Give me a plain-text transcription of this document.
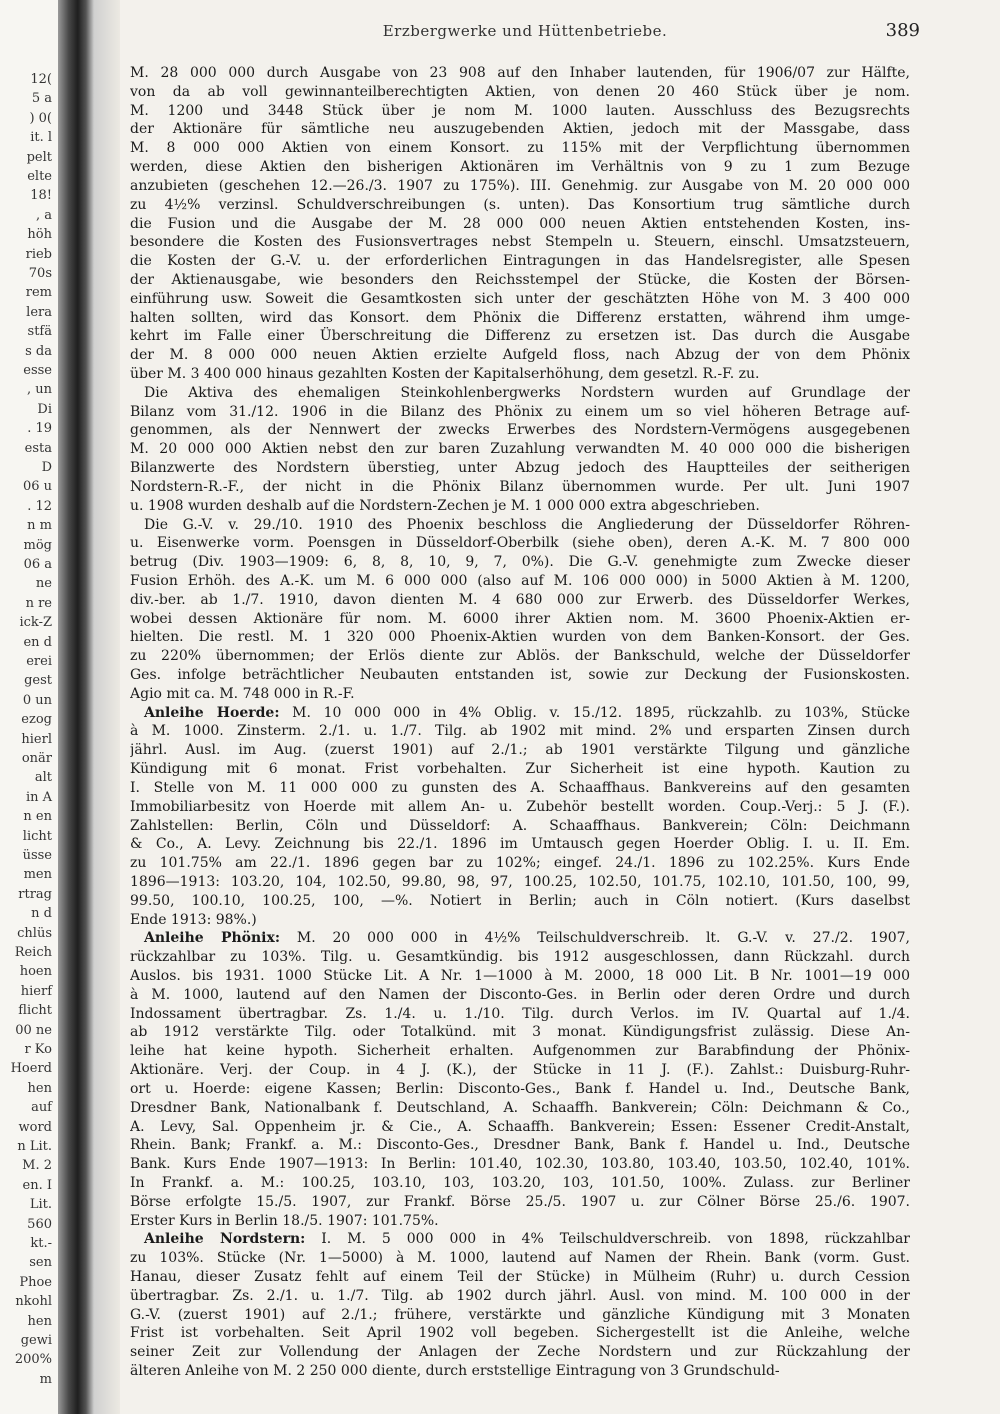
12(
5 a
) 0(
it. l
pelt
elte
18!
, a
höh
rieb
70s
rem
lera
stfä
s da
esse
, un
Di
. 19
esta
D
06 u
. 12
n m
mög
06 a
ne
n re
ick-Z
en d
erei
gest
0 un
ezog
hierl
onär
alt
in A
n en
licht
üsse
men
rtrag
n d
chlüs
Reich
hoen
hierf
flicht
00 ne
r Ko
Hoerd
hen
auf
word
n Lit.
M. 2
en. I
Lit.
560
kt.-
sen
Phoe
nkohl
hen
gewi
200%
m
Erzbergwerke und Hüttenbetriebe.	389
M. 28 000 000 durch Ausgabe von 23 908 auf den Inhaber lautenden, für 1906/07 zur Hälfte,
von da ab voll gewinnanteilberechtigten Aktien, von denen 20 460 Stück über je nom.
M. 1200 und 3448 Stück über je nom M. 1000 lauten. Ausschluss des Bezugsrechts
der Aktionäre für sämtliche neu auszugebenden Aktien, jedoch mit der Massgabe, dass
M. 8 000 000 Aktien von einem Konsort. zu 115% mit der Verpflichtung übernommen
werden, diese Aktien den bisherigen Aktionären im Verhältnis von 9 zu 1 zum Bezuge
anzubieten (geschehen 12.—26./3. 1907 zu 175%). III. Genehmig. zur Ausgabe von M. 20 000 000
zu 4½% verzinsl. Schuldverschreibungen (s. unten). Das Konsortium trug sämtliche durch
die Fusion und die Ausgabe der M. 28 000 000 neuen Aktien entstehenden Kosten, ins-
besondere die Kosten des Fusionsvertrages nebst Stempeln u. Steuern, einschl. Umsatzsteuern,
die Kosten der G.-V. u. der erforderlichen Eintragungen in das Handelsregister, alle Spesen
der Aktienausgabe, wie besonders den Reichsstempel der Stücke, die Kosten der Börsen-
einführung usw. Soweit die Gesamtkosten sich unter der geschätzten Höhe von M. 3 400 000
halten sollten, wird das Konsort. dem Phönix die Differenz erstatten, während ihm umge-
kehrt im Falle einer Überschreitung die Differenz zu ersetzen ist. Das durch die Ausgabe
der M. 8 000 000 neuen Aktien erzielte Aufgeld floss, nach Abzug der von dem Phönix
über M. 3 400 000 hinaus gezahlten Kosten der Kapitalserhöhung, dem gesetzl. R.-F. zu.
Die Aktiva des ehemaligen Steinkohlenbergwerks Nordstern wurden auf Grundlage der
Bilanz vom 31./12. 1906 in die Bilanz des Phönix zu einem um so viel höheren Betrage auf-
genommen, als der Nennwert der zwecks Erwerbes des Nordstern-Vermögens ausgegebenen
M. 20 000 000 Aktien nebst den zur baren Zuzahlung verwandten M. 40 000 000 die bisherigen
Bilanzwerte des Nordstern überstieg, unter Abzug jedoch des Hauptteiles der seitherigen
Nordstern-R.-F., der nicht in die Phönix Bilanz übernommen wurde. Per ult. Juni 1907
u. 1908 wurden deshalb auf die Nordstern-Zechen je M. 1 000 000 extra abgeschrieben.
Die G.-V. v. 29./10. 1910 des Phoenix beschloss die Angliederung der Düsseldorfer Röhren-
u. Eisenwerke vorm. Poensgen in Düsseldorf-Oberbilk (siehe oben), deren A.-K. M. 7 800 000
betrug (Div. 1903—1909: 6, 8, 8, 10, 9, 7, 0%). Die G.-V. genehmigte zum Zwecke dieser
Fusion Erhöh. des A.-K. um M. 6 000 000 (also auf M. 106 000 000) in 5000 Aktien à M. 1200,
div.-ber. ab 1./7. 1910, davon dienten M. 4 680 000 zur Erwerb. des Düsseldorfer Werkes,
wobei dessen Aktionäre für nom. M. 6000 ihrer Aktien nom. M. 3600 Phoenix-Aktien er-
hielten. Die restl. M. 1 320 000 Phoenix-Aktien wurden von dem Banken-Konsort. der Ges.
zu 220% übernommen; der Erlös diente zur Ablös. der Bankschuld, welche der Düsseldorfer
Ges. infolge beträchtlicher Neubauten entstanden ist, sowie zur Deckung der Fusionskosten.
Agio mit ca. M. 748 000 in R.-F.
Anleihe Hoerde: M. 10 000 000 in 4% Oblig. v. 15./12. 1895, rückzahlb. zu 103%, Stücke
à M. 1000. Zinsterm. 2./1. u. 1./7. Tilg. ab 1902 mit mind. 2% und ersparten Zinsen durch
jährl. Ausl. im Aug. (zuerst 1901) auf 2./1.; ab 1901 verstärkte Tilgung und gänzliche
Kündigung mit 6 monat. Frist vorbehalten. Zur Sicherheit ist eine hypoth. Kaution zu
I. Stelle von M. 11 000 000 zu gunsten des A. Schaaffhaus. Bankvereins auf den gesamten
Immobiliarbesitz von Hoerde mit allem An- u. Zubehör bestellt worden. Coup.-Verj.: 5 J. (F.).
Zahlstellen: Berlin, Cöln und Düsseldorf: A. Schaaffhaus. Bankverein; Cöln: Deichmann
& Co., A. Levy. Zeichnung bis 22./1. 1896 im Umtausch gegen Hoerder Oblig. I. u. II. Em.
zu 101.75% am 22./1. 1896 gegen bar zu 102%; eingef. 24./1. 1896 zu 102.25%. Kurs Ende
1896—1913: 103.20, 104, 102.50, 99.80, 98, 97, 100.25, 102.50, 101.75, 102.10, 101.50, 100, 99,
99.50, 100.10, 100.25, 100, —%. Notiert in Berlin; auch in Cöln notiert. (Kurs daselbst
Ende 1913: 98%.)
Anleihe Phönix: M. 20 000 000 in 4½% Teilschuldverschreib. lt. G.-V. v. 27./2. 1907,
rückzahlbar zu 103%. Tilg. u. Gesamtkündig. bis 1912 ausgeschlossen, dann Rückzahl. durch
Auslos. bis 1931. 1000 Stücke Lit. A Nr. 1—1000 à M. 2000, 18 000 Lit. B Nr. 1001—19 000
à M. 1000, lautend auf den Namen der Disconto-Ges. in Berlin oder deren Ordre und durch
Indossament übertragbar. Zs. 1./4. u. 1./10. Tilg. durch Verlos. im IV. Quartal auf 1./4.
ab 1912 verstärkte Tilg. oder Totalkünd. mit 3 monat. Kündigungsfrist zulässig. Diese An-
leihe hat keine hypoth. Sicherheit erhalten. Aufgenommen zur Barabfindung der Phönix-
Aktionäre. Verj. der Coup. in 4 J. (K.), der Stücke in 11 J. (F.). Zahlst.: Duisburg-Ruhr-
ort u. Hoerde: eigene Kassen; Berlin: Disconto-Ges., Bank f. Handel u. Ind., Deutsche Bank,
Dresdner Bank, Nationalbank f. Deutschland, A. Schaaffh. Bankverein; Cöln: Deichmann & Co.,
A. Levy, Sal. Oppenheim jr. & Cie., A. Schaaffh. Bankverein; Essen: Essener Credit-Anstalt,
Rhein. Bank; Frankf. a. M.: Disconto-Ges., Dresdner Bank, Bank f. Handel u. Ind., Deutsche
Bank. Kurs Ende 1907—1913: In Berlin: 101.40, 102.30, 103.80, 103.40, 103.50, 102.40, 101%.
In Frankf. a. M.: 100.25, 103.10, 103, 103.20, 103, 101.50, 100%. Zulass. zur Berliner
Börse erfolgte 15./5. 1907, zur Frankf. Börse 25./5. 1907 u. zur Cölner Börse 25./6. 1907.
Erster Kurs in Berlin 18./5. 1907: 101.75%.
Anleihe Nordstern: I. M. 5 000 000 in 4% Teilschuldverschreib. von 1898, rückzahlbar
zu 103%. Stücke (Nr. 1—5000) à M. 1000, lautend auf Namen der Rhein. Bank (vorm. Gust.
Hanau, dieser Zusatz fehlt auf einem Teil der Stücke) in Mülheim (Ruhr) u. durch Cession
übertragbar. Zs. 2./1. u. 1./7. Tilg. ab 1902 durch jährl. Ausl. von mind. M. 100 000 in der
G.-V. (zuerst 1901) auf 2./1.; frühere, verstärkte und gänzliche Kündigung mit 3 Monaten
Frist ist vorbehalten. Seit April 1902 voll begeben. Sichergestellt ist die Anleihe, welche
seiner Zeit zur Vollendung der Anlagen der Zeche Nordstern und zur Rückzahlung der
älteren Anleihe von M. 2 250 000 diente, durch erststellige Eintragung von 3 Grundschuld-
